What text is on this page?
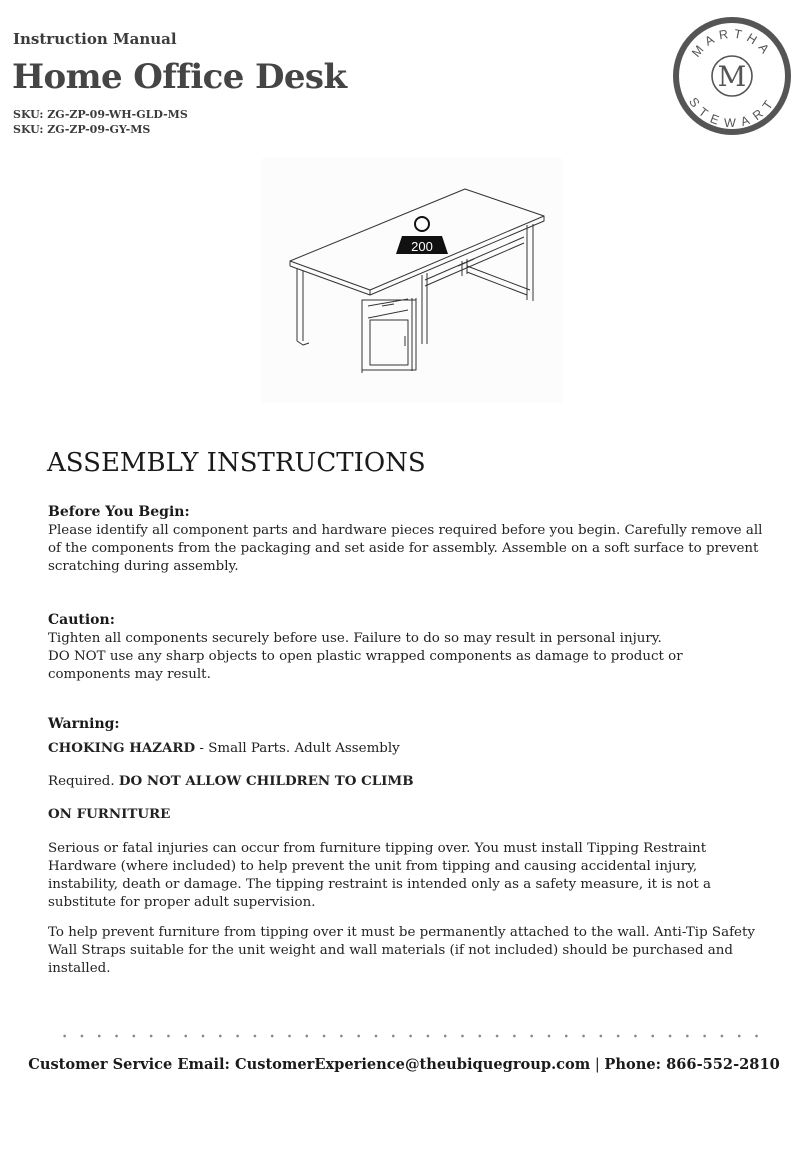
Instruction Manual
Home Office Desk
SKU: ZG-ZP-09-WH-GLD-MS
SKU: ZG-ZP-09-GY-MS
MARTHA
STEWART
M
200
ASSEMBLY INSTRUCTIONS
Before You Begin:
Please identify all component parts and hardware pieces required before you begin. Carefully remove all of the components from the packaging and set aside for assembly. Assemble on a soft surface to prevent scratching during assembly.
Caution:
Tighten all components securely before use. Failure to do so may result in personal injury.
DO NOT use any sharp objects to open plastic wrapped components as damage to product or components may result.
Warning:
CHOKING HAZARD - Small Parts. Adult Assembly
Required. DO NOT ALLOW CHILDREN TO CLIMB
ON FURNITURE
Serious or fatal injuries can occur from furniture tipping over. You must install Tipping Restraint Hardware (where included) to help prevent the unit from tipping and causing accidental injury, instability, death or damage. The tipping restraint is intended only as a safety measure, it is not a substitute for proper adult supervision.
To help prevent furniture from tipping over it must be permanently attached to the wall. Anti-Tip Safety Wall Straps suitable for the unit weight and wall materials (if not included) should be purchased and installed.
Customer Service Email: CustomerExperience@theubiquegroup.com | Phone: 866-552-2810
